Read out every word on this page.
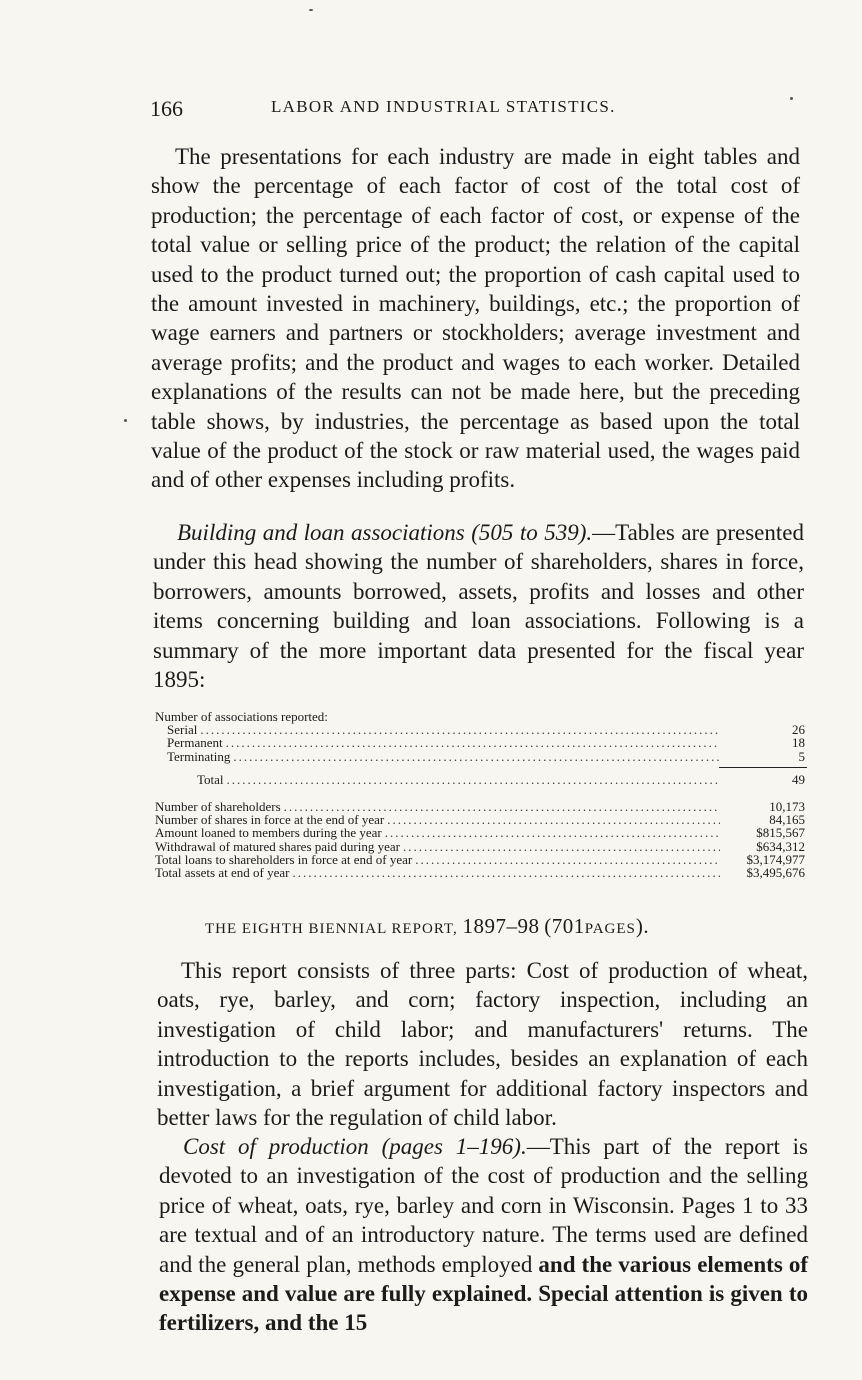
166	LABOR AND INDUSTRIAL STATISTICS.

The presentations for each industry are made in eight tables and show the percentage of each factor of cost of the total cost of production; the percentage of each factor of cost, or expense of the total value or selling price of the product; the relation of the capital used to the product turned out; the proportion of cash capital used to the amount invested in machinery, buildings, etc.; the proportion of wage earners and partners or stockholders; average investment and average profits; and the product and wages to each worker. Detailed explanations of the results can not be made here, but the preceding table shows, by industries, the percentage as based upon the total value of the product of the stock or raw material used, the wages paid and of other expenses including profits.

Building and loan associations (505 to 539).—Tables are presented under this head showing the number of shareholders, shares in force, borrowers, amounts borrowed, assets, profits and losses and other items concerning building and loan associations. Following is a summary of the more important data presented for the fiscal year 1895:

Number of associations reported:
Serial .....	26
Permanent .....	18
Terminating .....	5
Total .....	49
Number of shareholders .....	10,173
Number of shares in force at the end of year .....	84,165
Amount loaned to members during the year .....	$815,567
Withdrawal of matured shares paid during year .....	$634,312
Total loans to shareholders in force at end of year .....	$3,174,977
Total assets at end of year .....	$3,495,676
THE EIGHTH BIENNIAL REPORT, 1897–98 (701PAGES).

This report consists of three parts: Cost of production of wheat, oats, rye, barley, and corn; factory inspection, including an investigation of child labor; and manufacturers' returns. The introduction to the reports includes, besides an explanation of each investigation, a brief argument for additional factory inspectors and better laws for the regulation of child labor.

Cost of production (pages 1–196).—This part of the report is devoted to an investigation of the cost of production and the selling price of wheat, oats, rye, barley and corn in Wisconsin. Pages 1 to 33 are textual and of an introductory nature. The terms used are defined and the general plan, methods employed and the various elements of expense and value are fully explained. Special attention is given to fertilizers, and the 15
